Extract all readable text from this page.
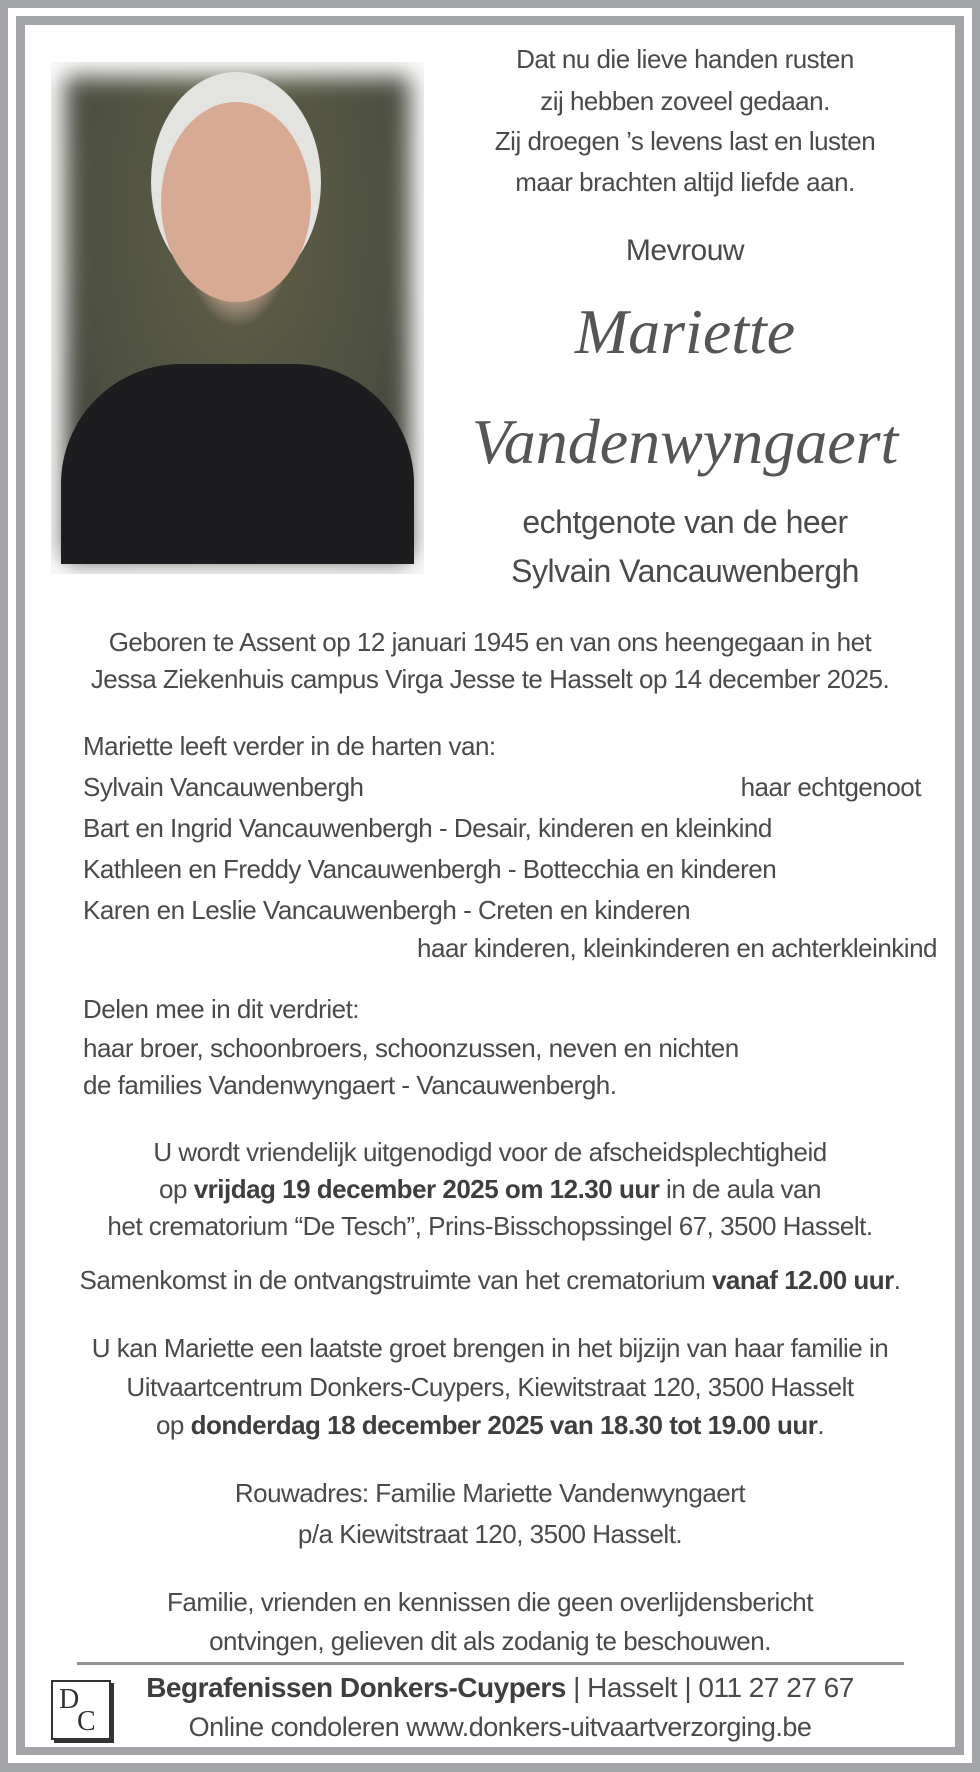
Dat nu die lieve handen rusten
zij hebben zoveel gedaan.
Zij droegen ’s levens last en lusten
maar brachten altijd liefde aan.
Mevrouw
Mariette
Vandenwyngaert
echtgenote van de heer
Sylvain Vancauwenbergh
Geboren te Assent op 12 januari 1945 en van ons heengegaan in het
Jessa Ziekenhuis campus Virga Jesse te Hasselt op 14 december 2025.
Mariette leeft verder in de harten van:
Sylvain Vancauwenbergh	haar echtgenoot
Bart en Ingrid Vancauwenbergh - Desair, kinderen en kleinkind
Kathleen en Freddy Vancauwenbergh - Bottecchia en kinderen
Karen en Leslie Vancauwenbergh - Creten en kinderen
haar kinderen, kleinkinderen en achterkleinkind
Delen mee in dit verdriet:
haar broer, schoonbroers, schoonzussen, neven en nichten
de families Vandenwyngaert - Vancauwenbergh.
U wordt vriendelijk uitgenodigd voor de afscheidsplechtigheid
op vrijdag 19 december 2025 om 12.30 uur in de aula van
het crematorium “De Tesch”, Prins-Bisschopssingel 67, 3500 Hasselt.
Samenkomst in de ontvangstruimte van het crematorium vanaf 12.00 uur.
U kan Mariette een laatste groet brengen in het bijzijn van haar familie in
Uitvaartcentrum Donkers-Cuypers, Kiewitstraat 120, 3500 Hasselt
op donderdag 18 december 2025 van 18.30 tot 19.00 uur.
Rouwadres: Familie Mariette Vandenwyngaert
p/a Kiewitstraat 120, 3500 Hasselt.
Familie, vrienden en kennissen die geen overlijdensbericht
ontvingen, gelieven dit als zodanig te beschouwen.
D
C
Begrafenissen Donkers-Cuypers | Hasselt | 011 27 27 67
Online condoleren www.donkers-uitvaartverzorging.be
